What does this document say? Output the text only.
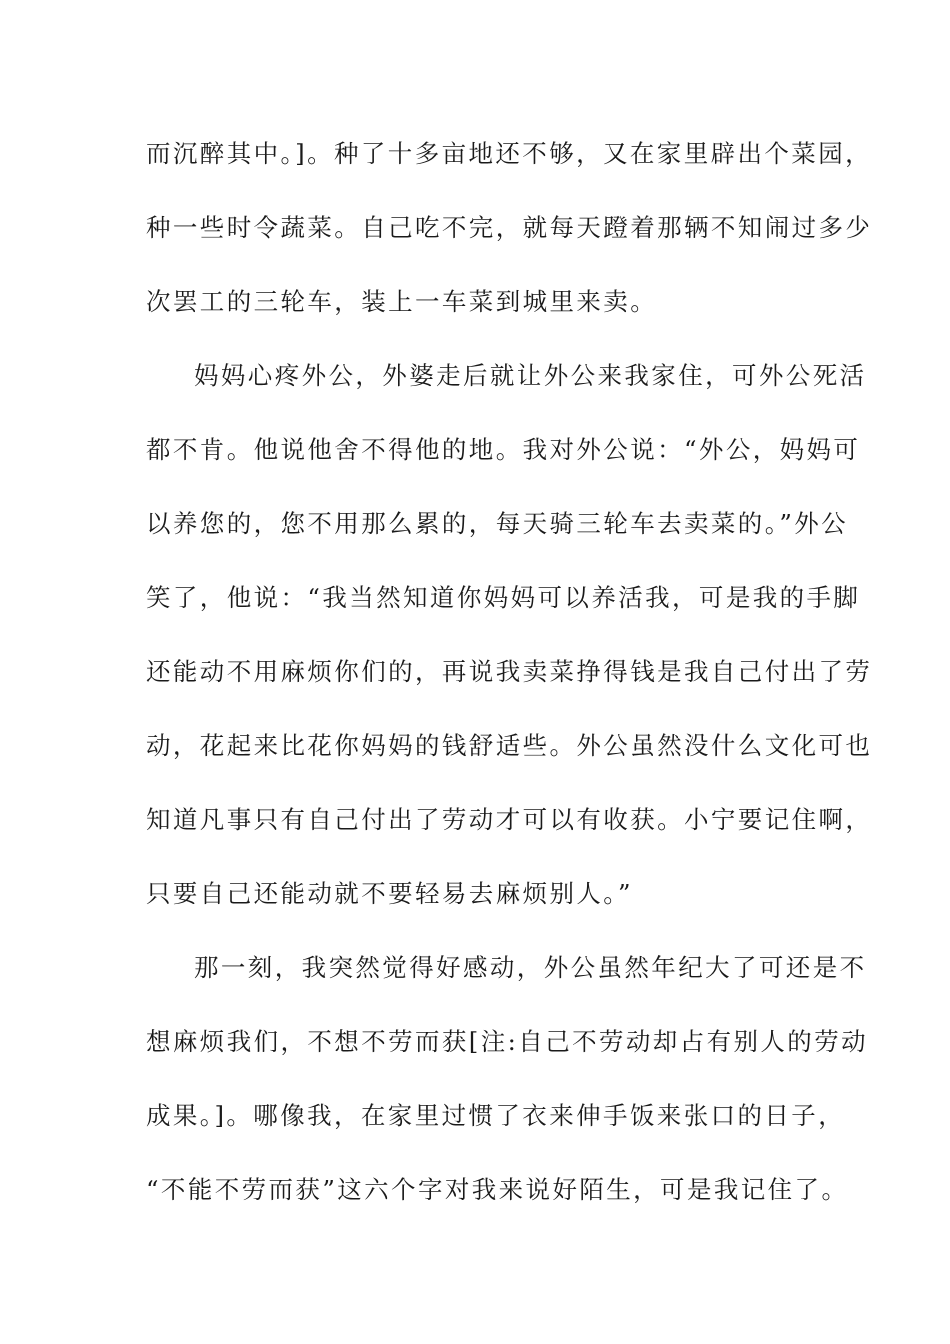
而沉醉其中。]。种了十多亩地还不够，又在家里辟出个菜园，
种一些时令蔬菜。自己吃不完，就每天蹬着那辆不知闹过多少
次罢工的三轮车，装上一车菜到城里来卖。
妈妈心疼外公，外婆走后就让外公来我家住，可外公死活
都不肯。他说他舍不得他的地。我对外公说：“外公，妈妈可
以养您的，您不用那么累的，每天骑三轮车去卖菜的。”外公
笑了，他说：“我当然知道你妈妈可以养活我，可是我的手脚
还能动不用麻烦你们的，再说我卖菜挣得钱是我自己付出了劳
动，花起来比花你妈妈的钱舒适些。外公虽然没什么文化可也
知道凡事只有自己付出了劳动才可以有收获。小宁要记住啊，
只要自己还能动就不要轻易去麻烦别人。”
那一刻，我突然觉得好感动，外公虽然年纪大了可还是不
想麻烦我们，不想不劳而获[注:自己不劳动却占有别人的劳动
成果。]。哪像我，在家里过惯了衣来伸手饭来张口的日子，
“不能不劳而获”这六个字对我来说好陌生，可是我记住了。
